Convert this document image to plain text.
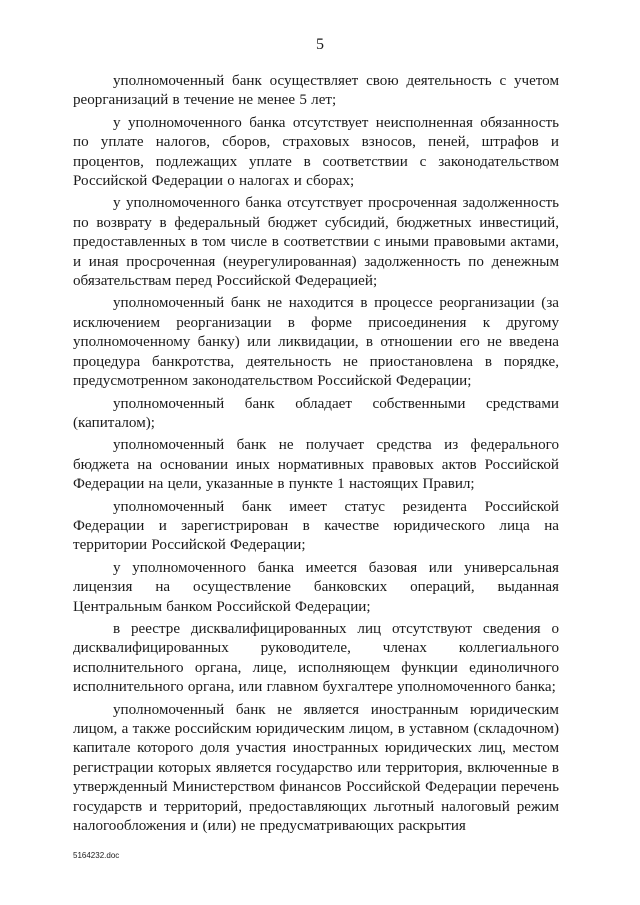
5

уполномоченный банк осуществляет свою деятельность с учетом реорганизаций в течение не менее 5 лет;

у уполномоченного банка отсутствует неисполненная обязанность по уплате налогов, сборов, страховых взносов, пеней, штрафов и процентов, подлежащих уплате в соответствии с законодательством Российской Федерации о налогах и сборах;

у уполномоченного банка отсутствует просроченная задолженность по возврату в федеральный бюджет субсидий, бюджетных инвестиций, предоставленных в том числе в соответствии с иными правовыми актами, и иная просроченная (неурегулированная) задолженность по денежным обязательствам перед Российской Федерацией;

уполномоченный банк не находится в процессе реорганизации (за исключением реорганизации в форме присоединения к другому уполномоченному банку) или ликвидации, в отношении его не введена процедура банкротства, деятельность не приостановлена в порядке, предусмотренном законодательством Российской Федерации;

уполномоченный банк обладает собственными средствами (капиталом);

уполномоченный банк не получает средства из федерального бюджета на основании иных нормативных правовых актов Российской Федерации на цели, указанные в пункте 1 настоящих Правил;

уполномоченный банк имеет статус резидента Российской Федерации и зарегистрирован в качестве юридического лица на территории Российской Федерации;

у уполномоченного банка имеется базовая или универсальная лицензия на осуществление банковских операций, выданная Центральным банком Российской Федерации;

в реестре дисквалифицированных лиц отсутствуют сведения о дисквалифицированных руководителе, членах коллегиального исполнительного органа, лице, исполняющем функции единоличного исполнительного органа, или главном бухгалтере уполномоченного банка;

уполномоченный банк не является иностранным юридическим лицом, а также российским юридическим лицом, в уставном (складочном) капитале которого доля участия иностранных юридических лиц, местом регистрации которых является государство или территория, включенные в утвержденный Министерством финансов Российской Федерации перечень государств и территорий, предоставляющих льготный налоговый режим налогообложения и (или) не предусматривающих раскрытия

5164232.doc
